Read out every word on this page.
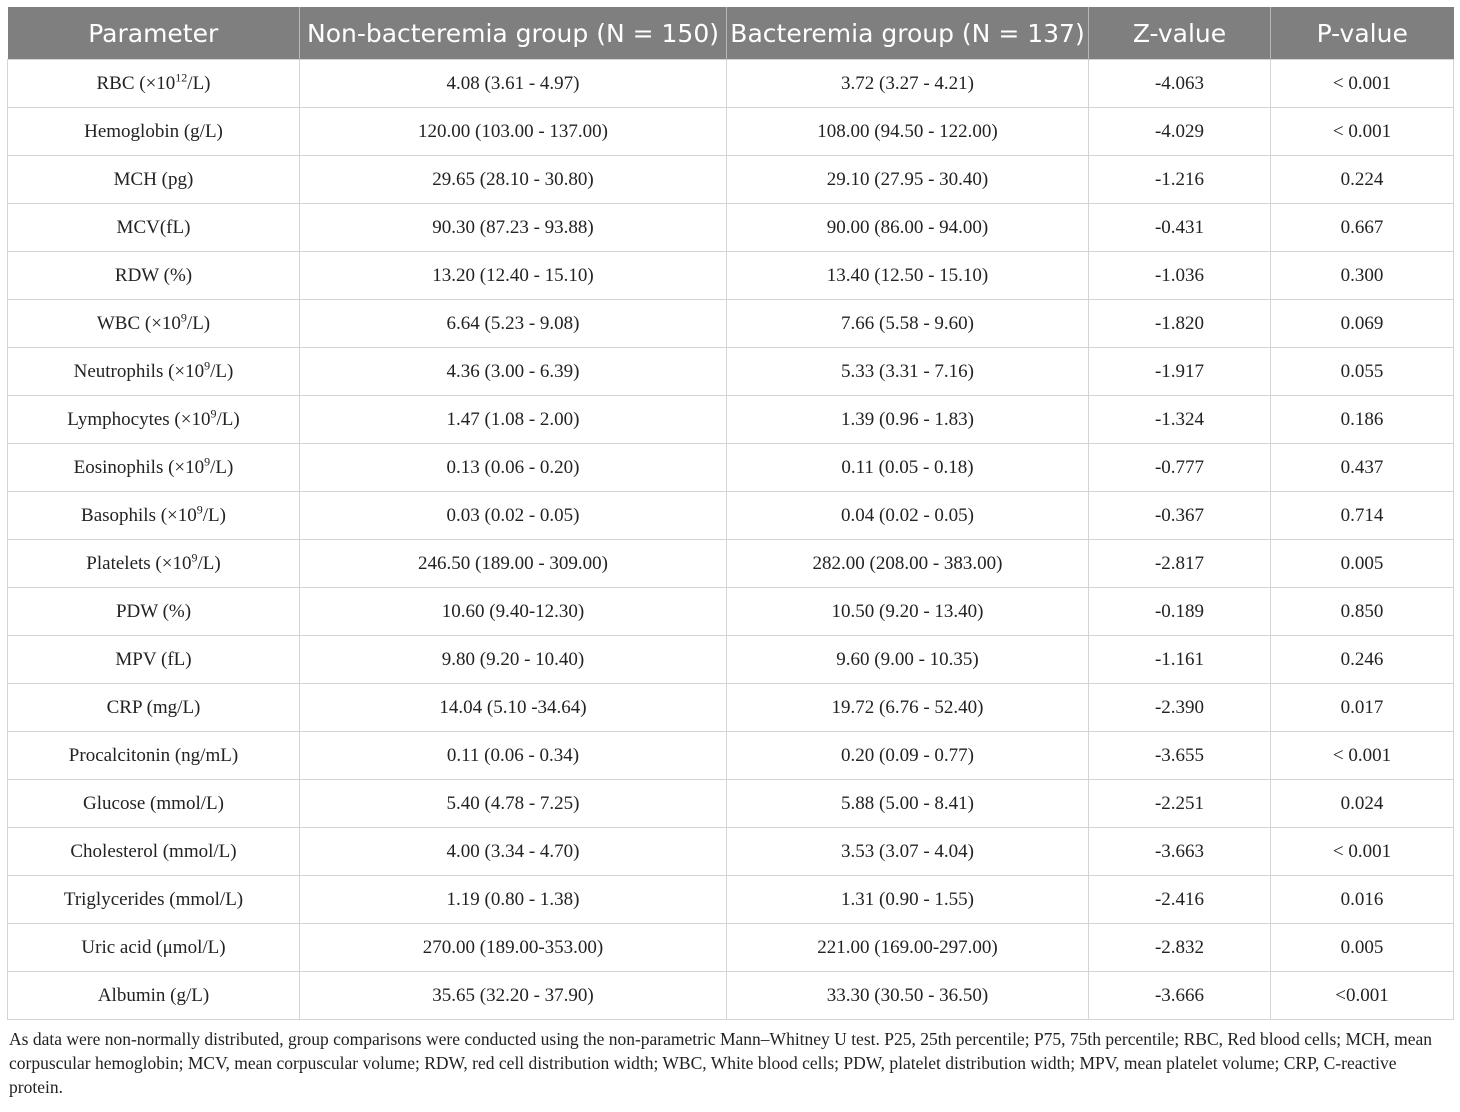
Parameter	Non-bacteremia group (N = 150)	Bacteremia group (N = 137)	Z-value	P-value
RBC $(\times 10^{12}/L)$	4.08 (3.61 - 4.97)	3.72 (3.27 - 4.21)	-4.063	< 0.001
Hemoglobin (g/L)	120.00 (103.00 - 137.00)	108.00 (94.50 - 122.00)	-4.029	< 0.001
MCH (pg)	29.65 (28.10 - 30.80)	29.10 (27.95 - 30.40)	-1.216	0.224
MCV(fL)	90.30 (87.23 - 93.88)	90.00 (86.00 - 94.00)	-0.431	0.667
RDW (%)	13.20 (12.40 - 15.10)	13.40 (12.50 - 15.10)	-1.036	0.300
WBC $(\times 10^9/L)$	6.64 (5.23 - 9.08)	7.66 (5.58 - 9.60)	-1.820	0.069
Neutrophils $(\times 10^9/L)$	4.36 (3.00 - 6.39)	5.33 (3.31 - 7.16)	-1.917	0.055
Lymphocytes $(\times 10^9/L)$	1.47 (1.08 - 2.00)	1.39 (0.96 - 1.83)	-1.324	0.186
Eosinophils $(\times 10^9/L)$	0.13 (0.06 - 0.20)	0.11 (0.05 - 0.18)	-0.777	0.437
Basophils $(\times 10^9/L)$	0.03 (0.02 - 0.05)	0.04 (0.02 - 0.05)	-0.367	0.714
Platelets $(\times 10^9/L)$	246.50 (189.00 - 309.00)	282.00 (208.00 - 383.00)	-2.817	0.005
PDW (%)	10.60 (9.40-12.30)	10.50 (9.20 - 13.40)	-0.189	0.850
MPV (fL)	9.80 (9.20 - 10.40)	9.60 (9.00 - 10.35)	-1.161	0.246
CRP (mg/L)	14.04 (5.10 -34.64)	19.72 (6.76 - 52.40)	-2.390	0.017
Procalcitonin (ng/mL)	0.11 (0.06 - 0.34)	0.20 (0.09 - 0.77)	-3.655	< 0.001
Glucose (mmol/L)	5.40 (4.78 - 7.25)	5.88 (5.00 - 8.41)	-2.251	0.024
Cholesterol (mmol/L)	4.00 (3.34 - 4.70)	3.53 (3.07 - 4.04)	-3.663	< 0.001
Triglycerides (mmol/L)	1.19 (0.80 - 1.38)	1.31 (0.90 - 1.55)	-2.416	0.016
Uric acid (μmol/L)	270.00 (189.00-353.00)	221.00 (169.00-297.00)	-2.832	0.005
Albumin (g/L)	35.65 (32.20 - 37.90)	33.30 (30.50 - 36.50)	-3.666	<0.001
As data were non-normally distributed, group comparisons were conducted using the non-parametric Mann–Whitney U test. P25, 25th percentile; P75, 75th percentile; RBC, Red blood cells; MCH, mean corpuscular hemoglobin; MCV, mean corpuscular volume; RDW, red cell distribution width; WBC, White blood cells; PDW, platelet distribution width; MPV, mean platelet volume; CRP, C-reactive protein.
